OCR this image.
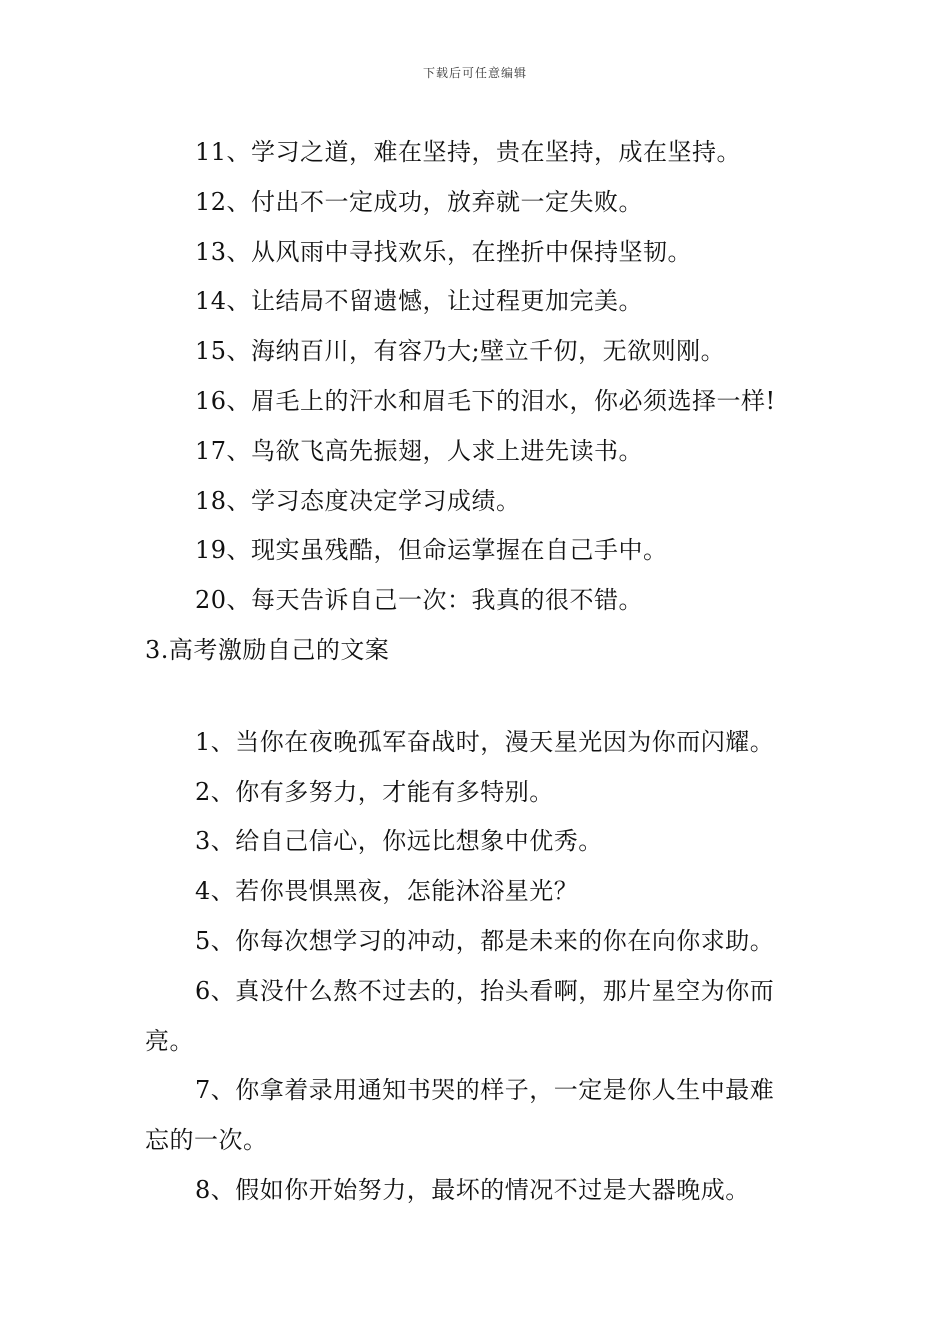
下载后可任意编辑
11、学习之道，难在坚持，贵在坚持，成在坚持。
12、付出不一定成功，放弃就一定失败。
13、从风雨中寻找欢乐，在挫折中保持坚韧。
14、让结局不留遗憾，让过程更加完美。
15、海纳百川，有容乃大;壁立千仞，无欲则刚。
16、眉毛上的汗水和眉毛下的泪水，你必须选择一样!
17、鸟欲飞高先振翅，人求上进先读书。
18、学习态度决定学习成绩。
19、现实虽残酷，但命运掌握在自己手中。
20、每天告诉自己一次：我真的很不错。
3.高考激励自己的文案
1、当你在夜晚孤军奋战时，漫天星光因为你而闪耀。
2、你有多努力，才能有多特别。
3、给自己信心，你远比想象中优秀。
4、若你畏惧黑夜，怎能沐浴星光？
5、你每次想学习的冲动，都是未来的你在向你求助。
6、真没什么熬不过去的，抬头看啊，那片星空为你而
亮。
7、你拿着录用通知书哭的样子，一定是你人生中最难
忘的一次。
8、假如你开始努力，最坏的情况不过是大器晚成。
